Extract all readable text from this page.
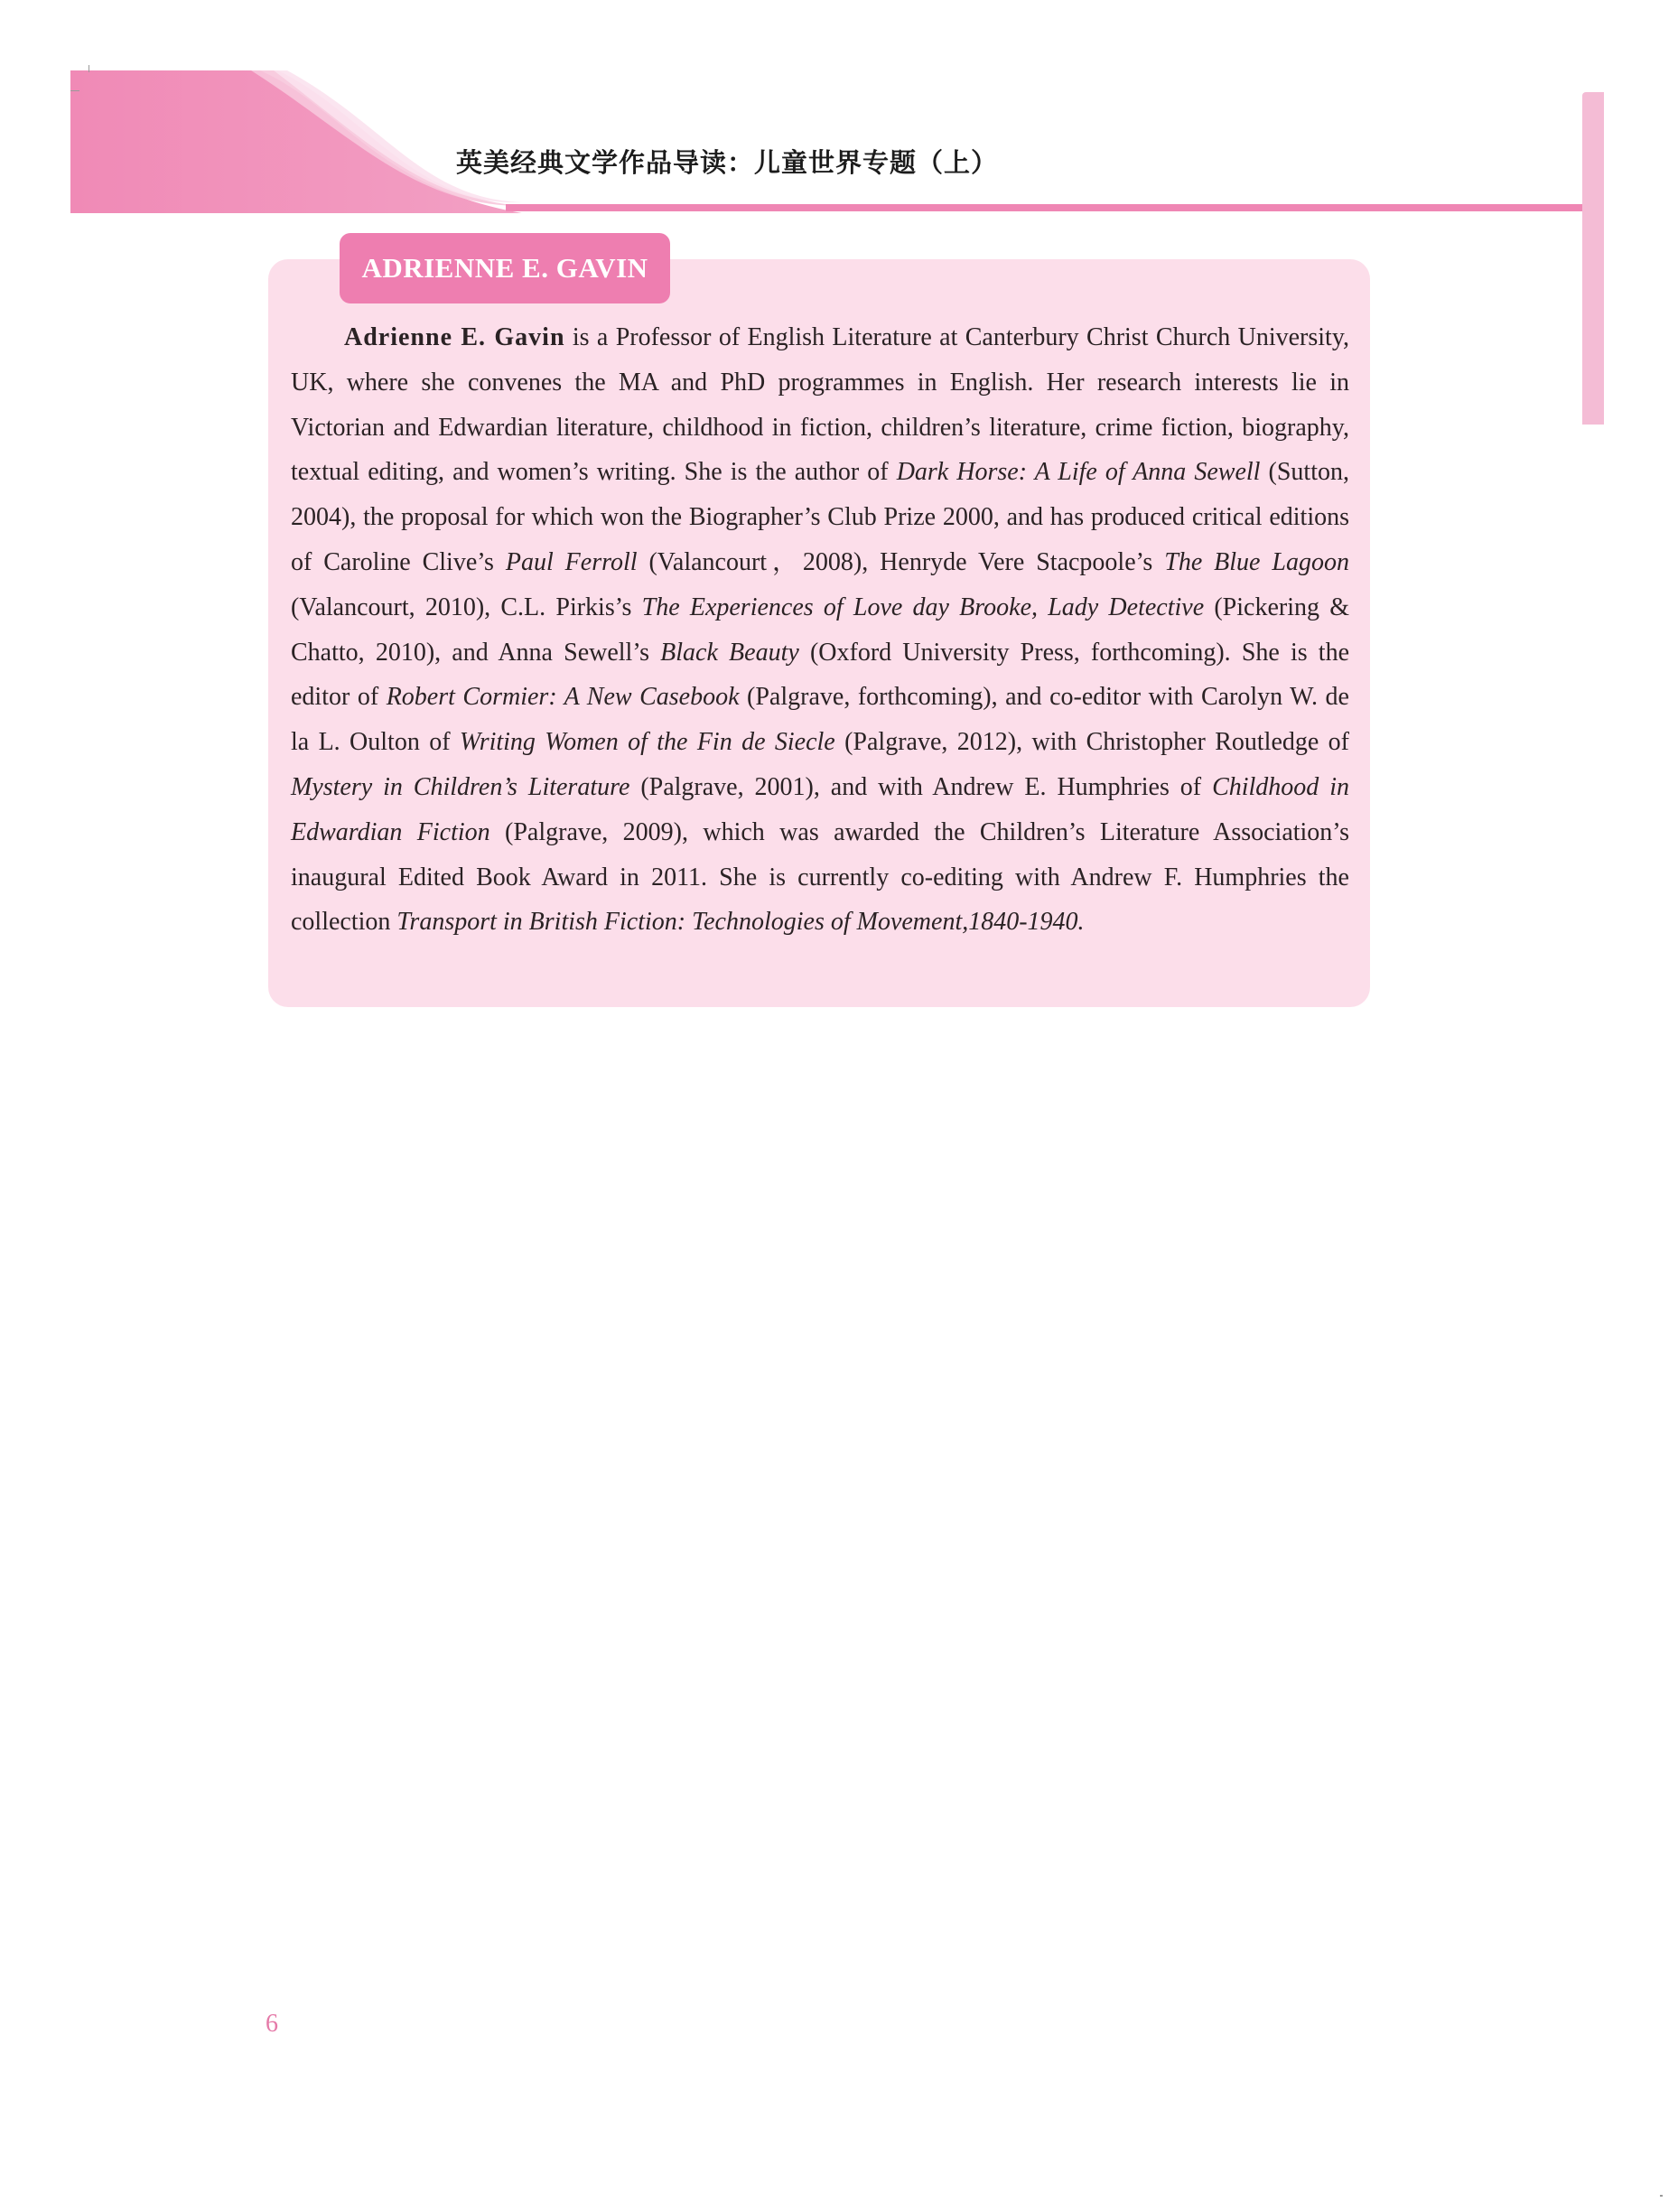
英美经典文学作品导读：儿童世界专题（上）
ADRIENNE E. GAVIN
Adrienne E. Gavin is a Professor of English Literature at Canterbury Christ Church University, UK, where she convenes the MA and PhD programmes in English. Her research interests lie in Victorian and Edwardian literature, childhood in fiction, children’s literature, crime fiction, biography, textual editing, and women’s writing. She is the author of Dark Horse: A Life of Anna Sewell (Sutton, 2004), the proposal for which won the Biographer’s Club Prize 2000, and has produced critical editions of Caroline Clive’s Paul Ferroll (Valancourt，2008), Henryde Vere Stacpoole’s The Blue Lagoon (Valancourt, 2010), C.L. Pirkis’s The Experiences of Love day Brooke, Lady Detective (Pickering & Chatto, 2010), and Anna Sewell’s Black Beauty (Oxford University Press, forthcoming). She is the editor of Robert Cormier: A New Casebook (Palgrave, forthcoming), and co-editor with Carolyn W. de la L. Oulton of Writing Women of the Fin de Siecle (Palgrave, 2012), with Christopher Routledge of Mystery in Children’s Literature (Palgrave, 2001), and with Andrew E. Humphries of Childhood in Edwardian Fiction (Palgrave, 2009), which was awarded the Children’s Literature Association’s inaugural Edited Book Award in 2011. She is currently co-editing with Andrew F. Humphries the collection Transport in British Fiction: Technologies of Movement,1840-1940.
6
